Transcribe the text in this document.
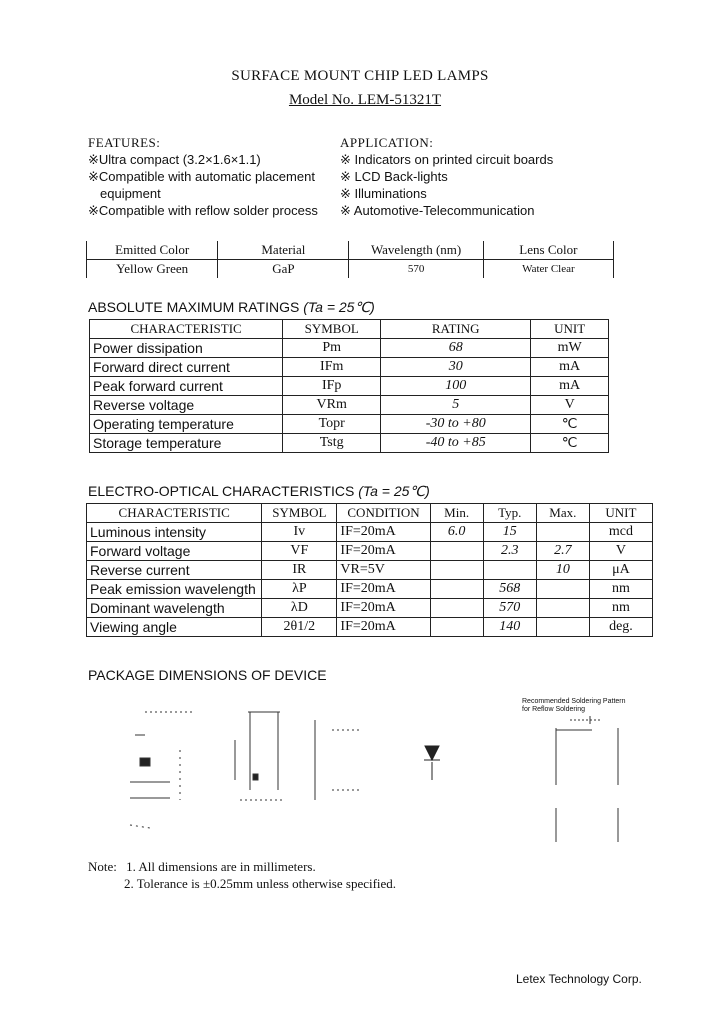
SURFACE MOUNT CHIP LED LAMPS
Model No. LEM-51321T
FEATURES:
※Ultra compact (3.2×1.6×1.1)
※Compatible with automatic placement
equipment
※Compatible with reflow solder process
APPLICATION:
※ Indicators on printed circuit boards
※ LCD Back-lights
※ Illuminations
※ Automotive-Telecommunication
Emitted Color	Material	Wavelength (nm)	Lens Color
Yellow Green	GaP	570	Water Clear
ABSOLUTE MAXIMUM RATINGS (Ta = 25℃)
CHARACTERISTIC	SYMBOL	RATING	UNIT
Power dissipation	Pm	68	mW
Forward direct current	IFm	30	mA
Peak forward current	IFp	100	mA
Reverse voltage	VRm	5	V
Operating temperature	Topr	-30 to +80	℃
Storage temperature	Tstg	-40 to +85	℃
ELECTRO-OPTICAL CHARACTERISTICS (Ta = 25℃)
CHARACTERISTIC	SYMBOL	CONDITION	Min.	Typ.	Max.	UNIT
Luminous intensity	Iv	IF=20mA	6.0	15		mcd
Forward voltage	VF	IF=20mA		2.3	2.7	V
Reverse current	IR	VR=5V			10	μA
Peak emission wavelength	λP	IF=20mA		568		nm
Dominant wavelength	λD	IF=20mA		570		nm
Viewing angle	2θ1/2	IF=20mA		140		deg.
PACKAGE DIMENSIONS OF DEVICE
Recommended Soldering Pattern
for Reflow Soldering
Note: 1. All dimensions are in millimeters.
2. Tolerance is ±0.25mm unless otherwise specified.
Letex Technology Corp.
